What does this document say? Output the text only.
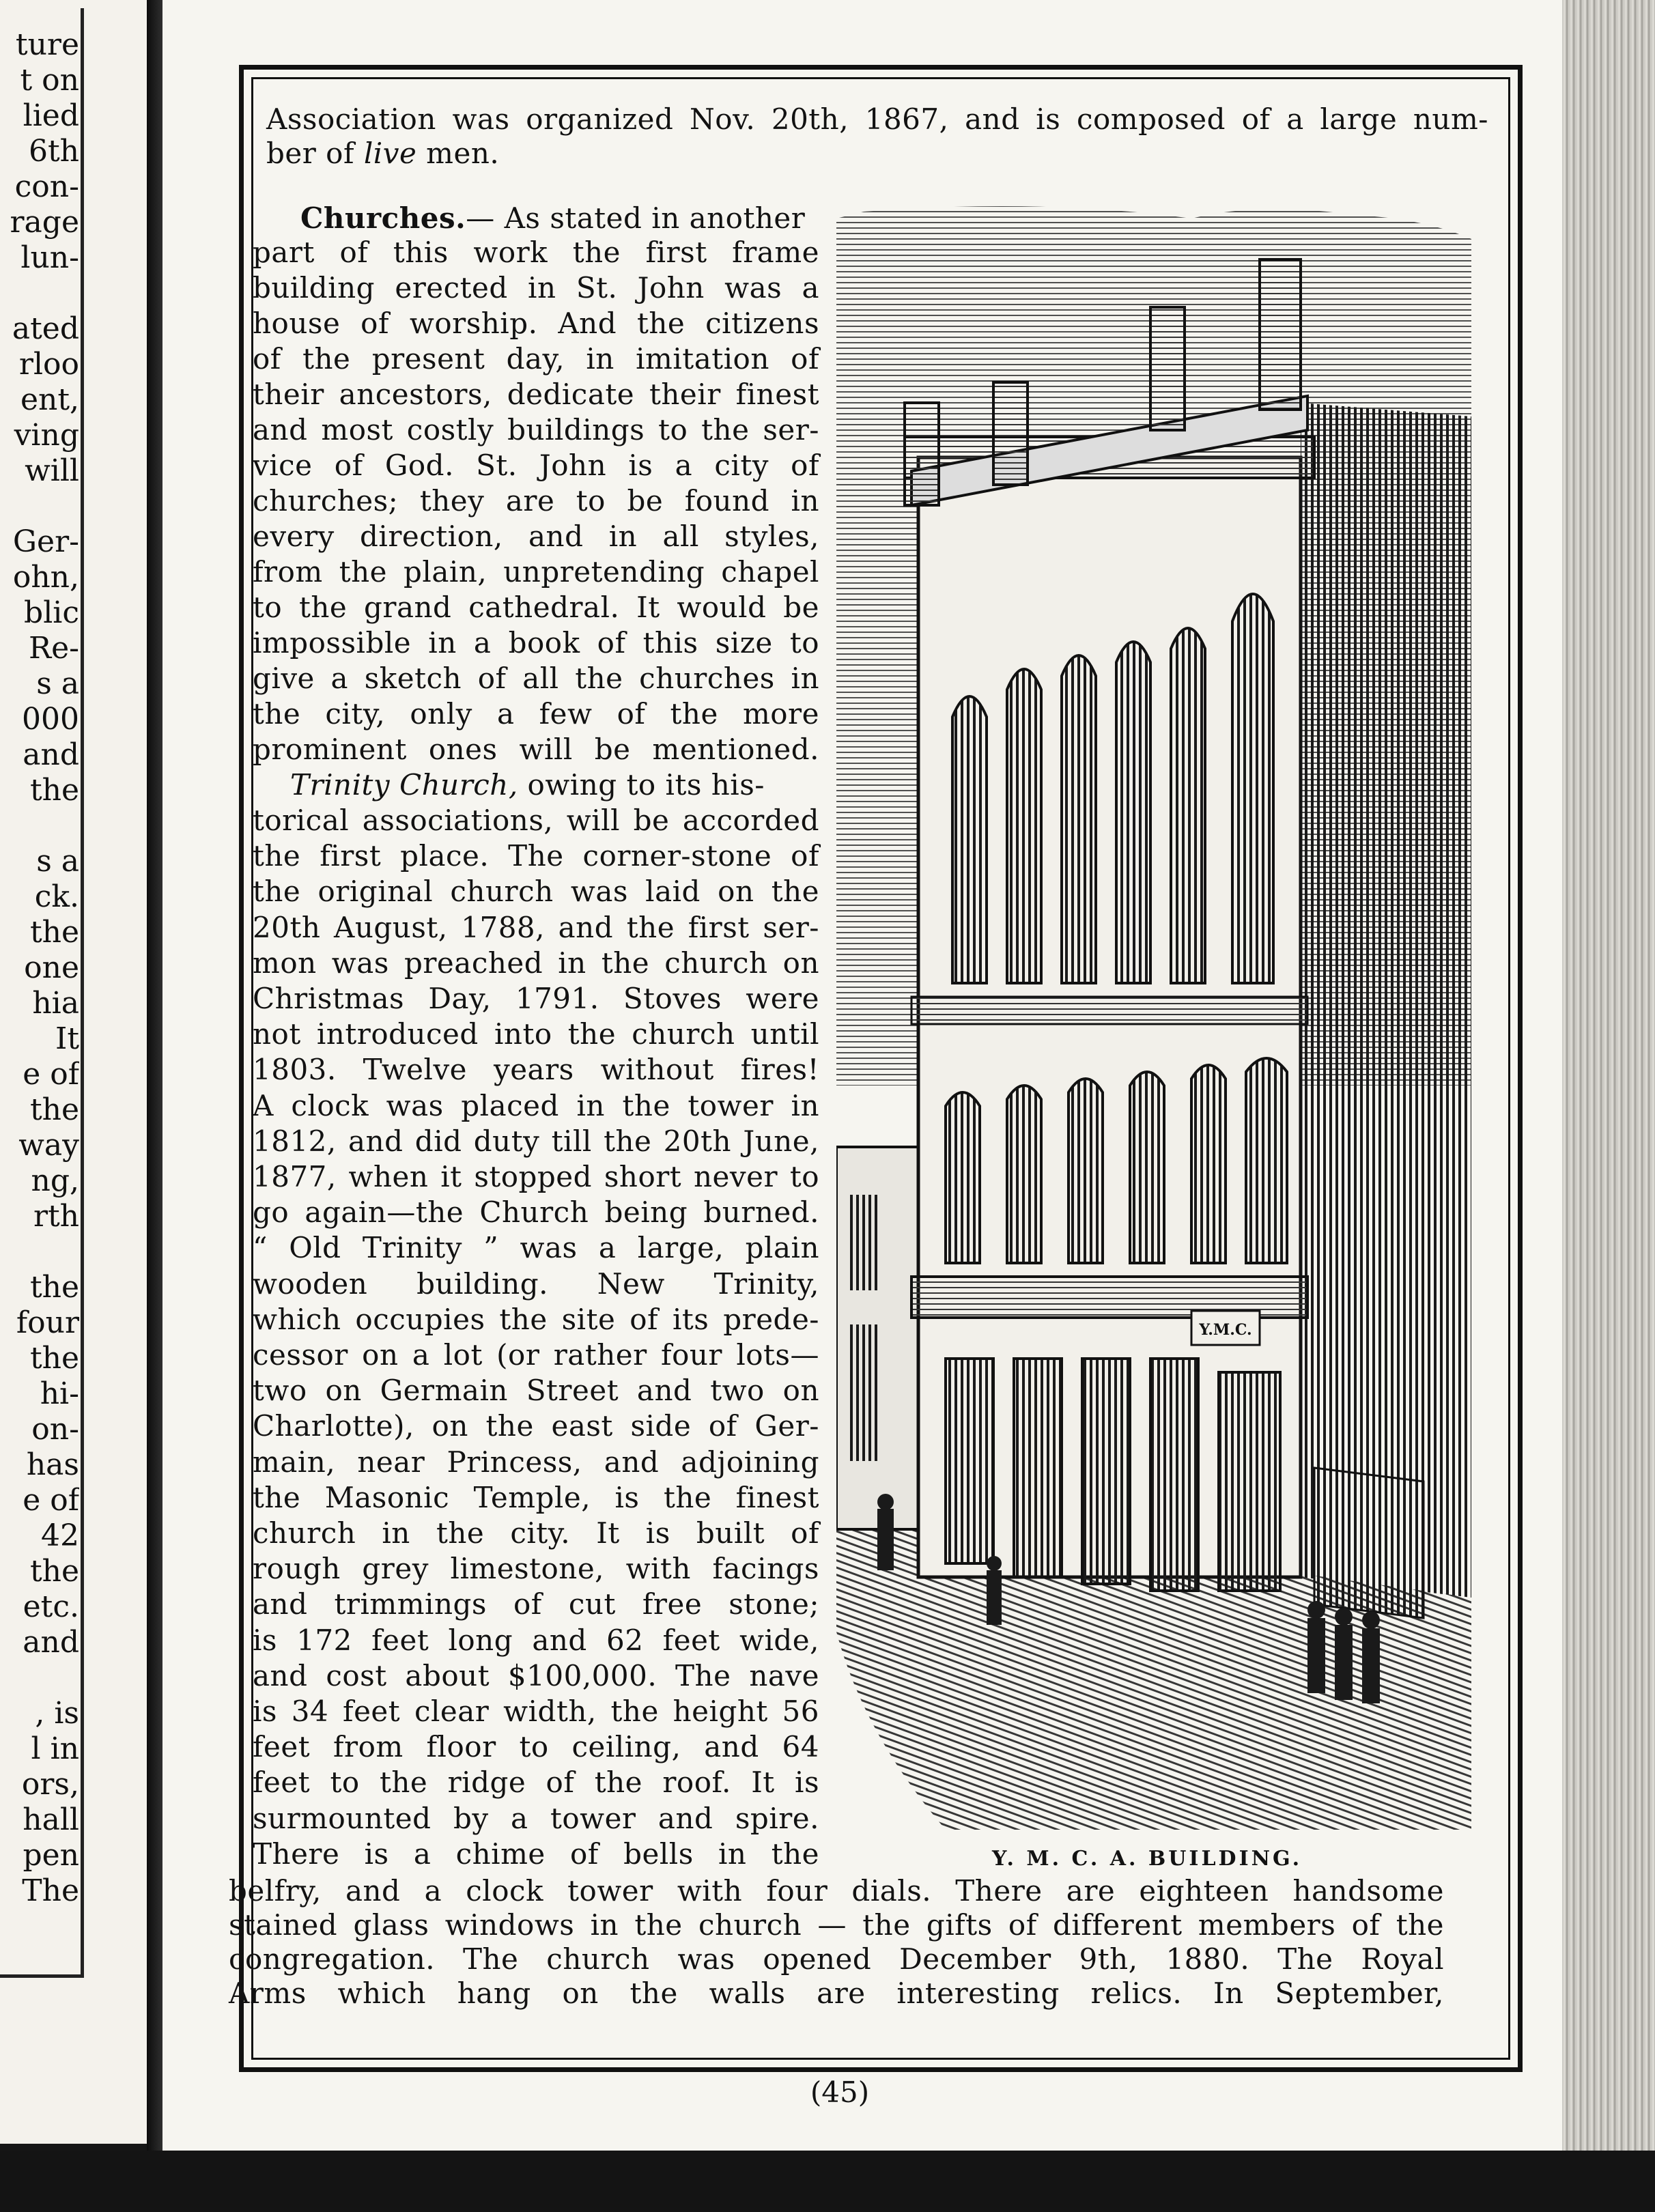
ture
t on
lied
6th
con-
rage
lun-
ated
rloo
ent,
ving
will
Ger-
ohn,
blic
Re-
s a
000
and
the
s a
ck.
the
one
hia
It
e of
the
way
ng,
rth
the
four
the
hi-
on-
has
e of
42
the
etc.
and
, is
l in
ors,
hall
pen
The
Association was organized Nov. 20th, 1867, and is composed of a large num-
ber of live men.
Churches.— As stated in another
part of this work the first frame
building erected in St. John was a
house of worship. And the citizens
of the present day, in imitation of
their ancestors, dedicate their finest
and most costly buildings to the ser-
vice of God. St. John is a city of
churches; they are to be found in
every direction, and in all styles,
from the plain, unpretending chapel
to the grand cathedral. It would be
impossible in a book of this size to
give a sketch of all the churches in
the city, only a few of the more
prominent ones will be mentioned.
Trinity Church, owing to its his-
torical associations, will be accorded
the first place. The corner-stone of
the original church was laid on the
20th August, 1788, and the first ser-
mon was preached in the church on
Christmas Day, 1791. Stoves were
not introduced into the church until
1803. Twelve years without fires!
A clock was placed in the tower in
1812, and did duty till the 20th June,
1877, when it stopped short never to
go again—the Church being burned.
“ Old Trinity ” was a large, plain
wooden building. New Trinity,
which occupies the site of its prede-
cessor on a lot (or rather four lots—
two on Germain Street and two on
Charlotte), on the east side of Ger-
main, near Princess, and adjoining
the Masonic Temple, is the finest
church in the city. It is built of
rough grey limestone, with facings
and trimmings of cut free stone;
is 172 feet long and 62 feet wide,
and cost about $100,000. The nave
is 34 feet clear width, the height 56
feet from floor to ceiling, and 64
feet to the ridge of the roof. It is
surmounted by a tower and spire.
There is a chime of bells in the
belfry, and a clock tower with four dials. There are eighteen handsome
stained glass windows in the church — the gifts of different members of the
congregation. The church was opened December 9th, 1880. The Royal
Arms which hang on the walls are interesting relics. In September,
Y.M.C.
Y. M. C. A. BUILDING.
(45)
